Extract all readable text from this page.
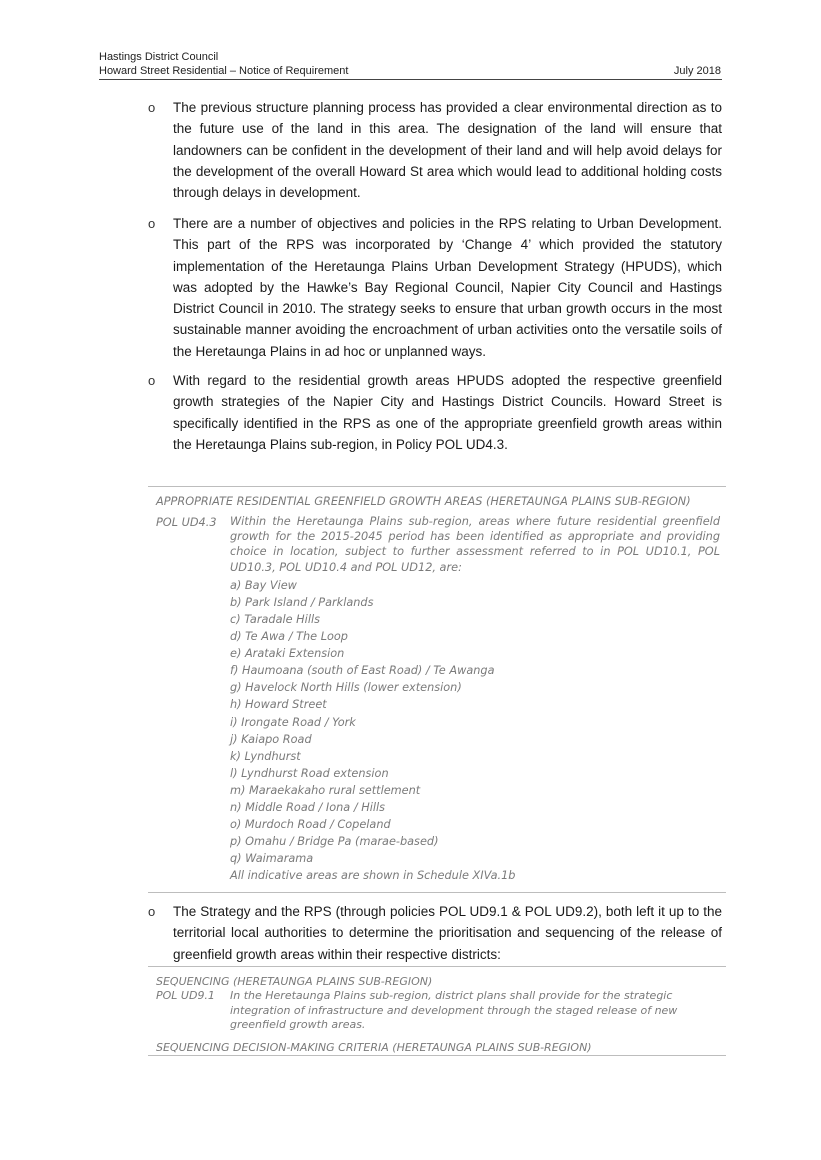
Hastings District Council
Howard Street Residential – Notice of Requirement	July 2018
o The previous structure planning process has provided a clear environmental direction as to the future use of the land in this area. The designation of the land will ensure that landowners can be confident in the development of their land and will help avoid delays for the development of the overall Howard St area which would lead to additional holding costs through delays in development.
o There are a number of objectives and policies in the RPS relating to Urban Development. This part of the RPS was incorporated by ‘Change 4’ which provided the statutory implementation of the Heretaunga Plains Urban Development Strategy (HPUDS), which was adopted by the Hawke’s Bay Regional Council, Napier City Council and Hastings District Council in 2010. The strategy seeks to ensure that urban growth occurs in the most sustainable manner avoiding the encroachment of urban activities onto the versatile soils of the Heretaunga Plains in ad hoc or unplanned ways.
o With regard to the residential growth areas HPUDS adopted the respective greenfield growth strategies of the Napier City and Hastings District Councils. Howard Street is specifically identified in the RPS as one of the appropriate greenfield growth areas within the Heretaunga Plains sub-region, in Policy POL UD4.3.
APPROPRIATE RESIDENTIAL GREENFIELD GROWTH AREAS (HERETAUNGA PLAINS SUB-REGION)
POL UD4.3 Within the Heretaunga Plains sub-region, areas where future residential greenfield growth for the 2015-2045 period has been identified as appropriate and providing choice in location, subject to further assessment referred to in POL UD10.1, POL UD10.3, POL UD10.4 and POL UD12, are:
a) Bay View
b) Park Island / Parklands
c) Taradale Hills
d) Te Awa / The Loop
e) Arataki Extension
f) Haumoana (south of East Road) / Te Awanga
g) Havelock North Hills (lower extension)
h) Howard Street
i) Irongate Road / York
j) Kaiapo Road
k) Lyndhurst
l) Lyndhurst Road extension
m) Maraekakaho rural settlement
n) Middle Road / Iona / Hills
o) Murdoch Road / Copeland
p) Omahu / Bridge Pa (marae-based)
q) Waimarama
All indicative areas are shown in Schedule XIVa.1b
o The Strategy and the RPS (through policies POL UD9.1 & POL UD9.2), both left it up to the territorial local authorities to determine the prioritisation and sequencing of the release of greenfield growth areas within their respective districts:
SEQUENCING (HERETAUNGA PLAINS SUB-REGION)
POL UD9.1 In the Heretaunga Plains sub-region, district plans shall provide for the strategic integration of infrastructure and development through the staged release of new greenfield growth areas.
SEQUENCING DECISION-MAKING CRITERIA (HERETAUNGA PLAINS SUB-REGION)
